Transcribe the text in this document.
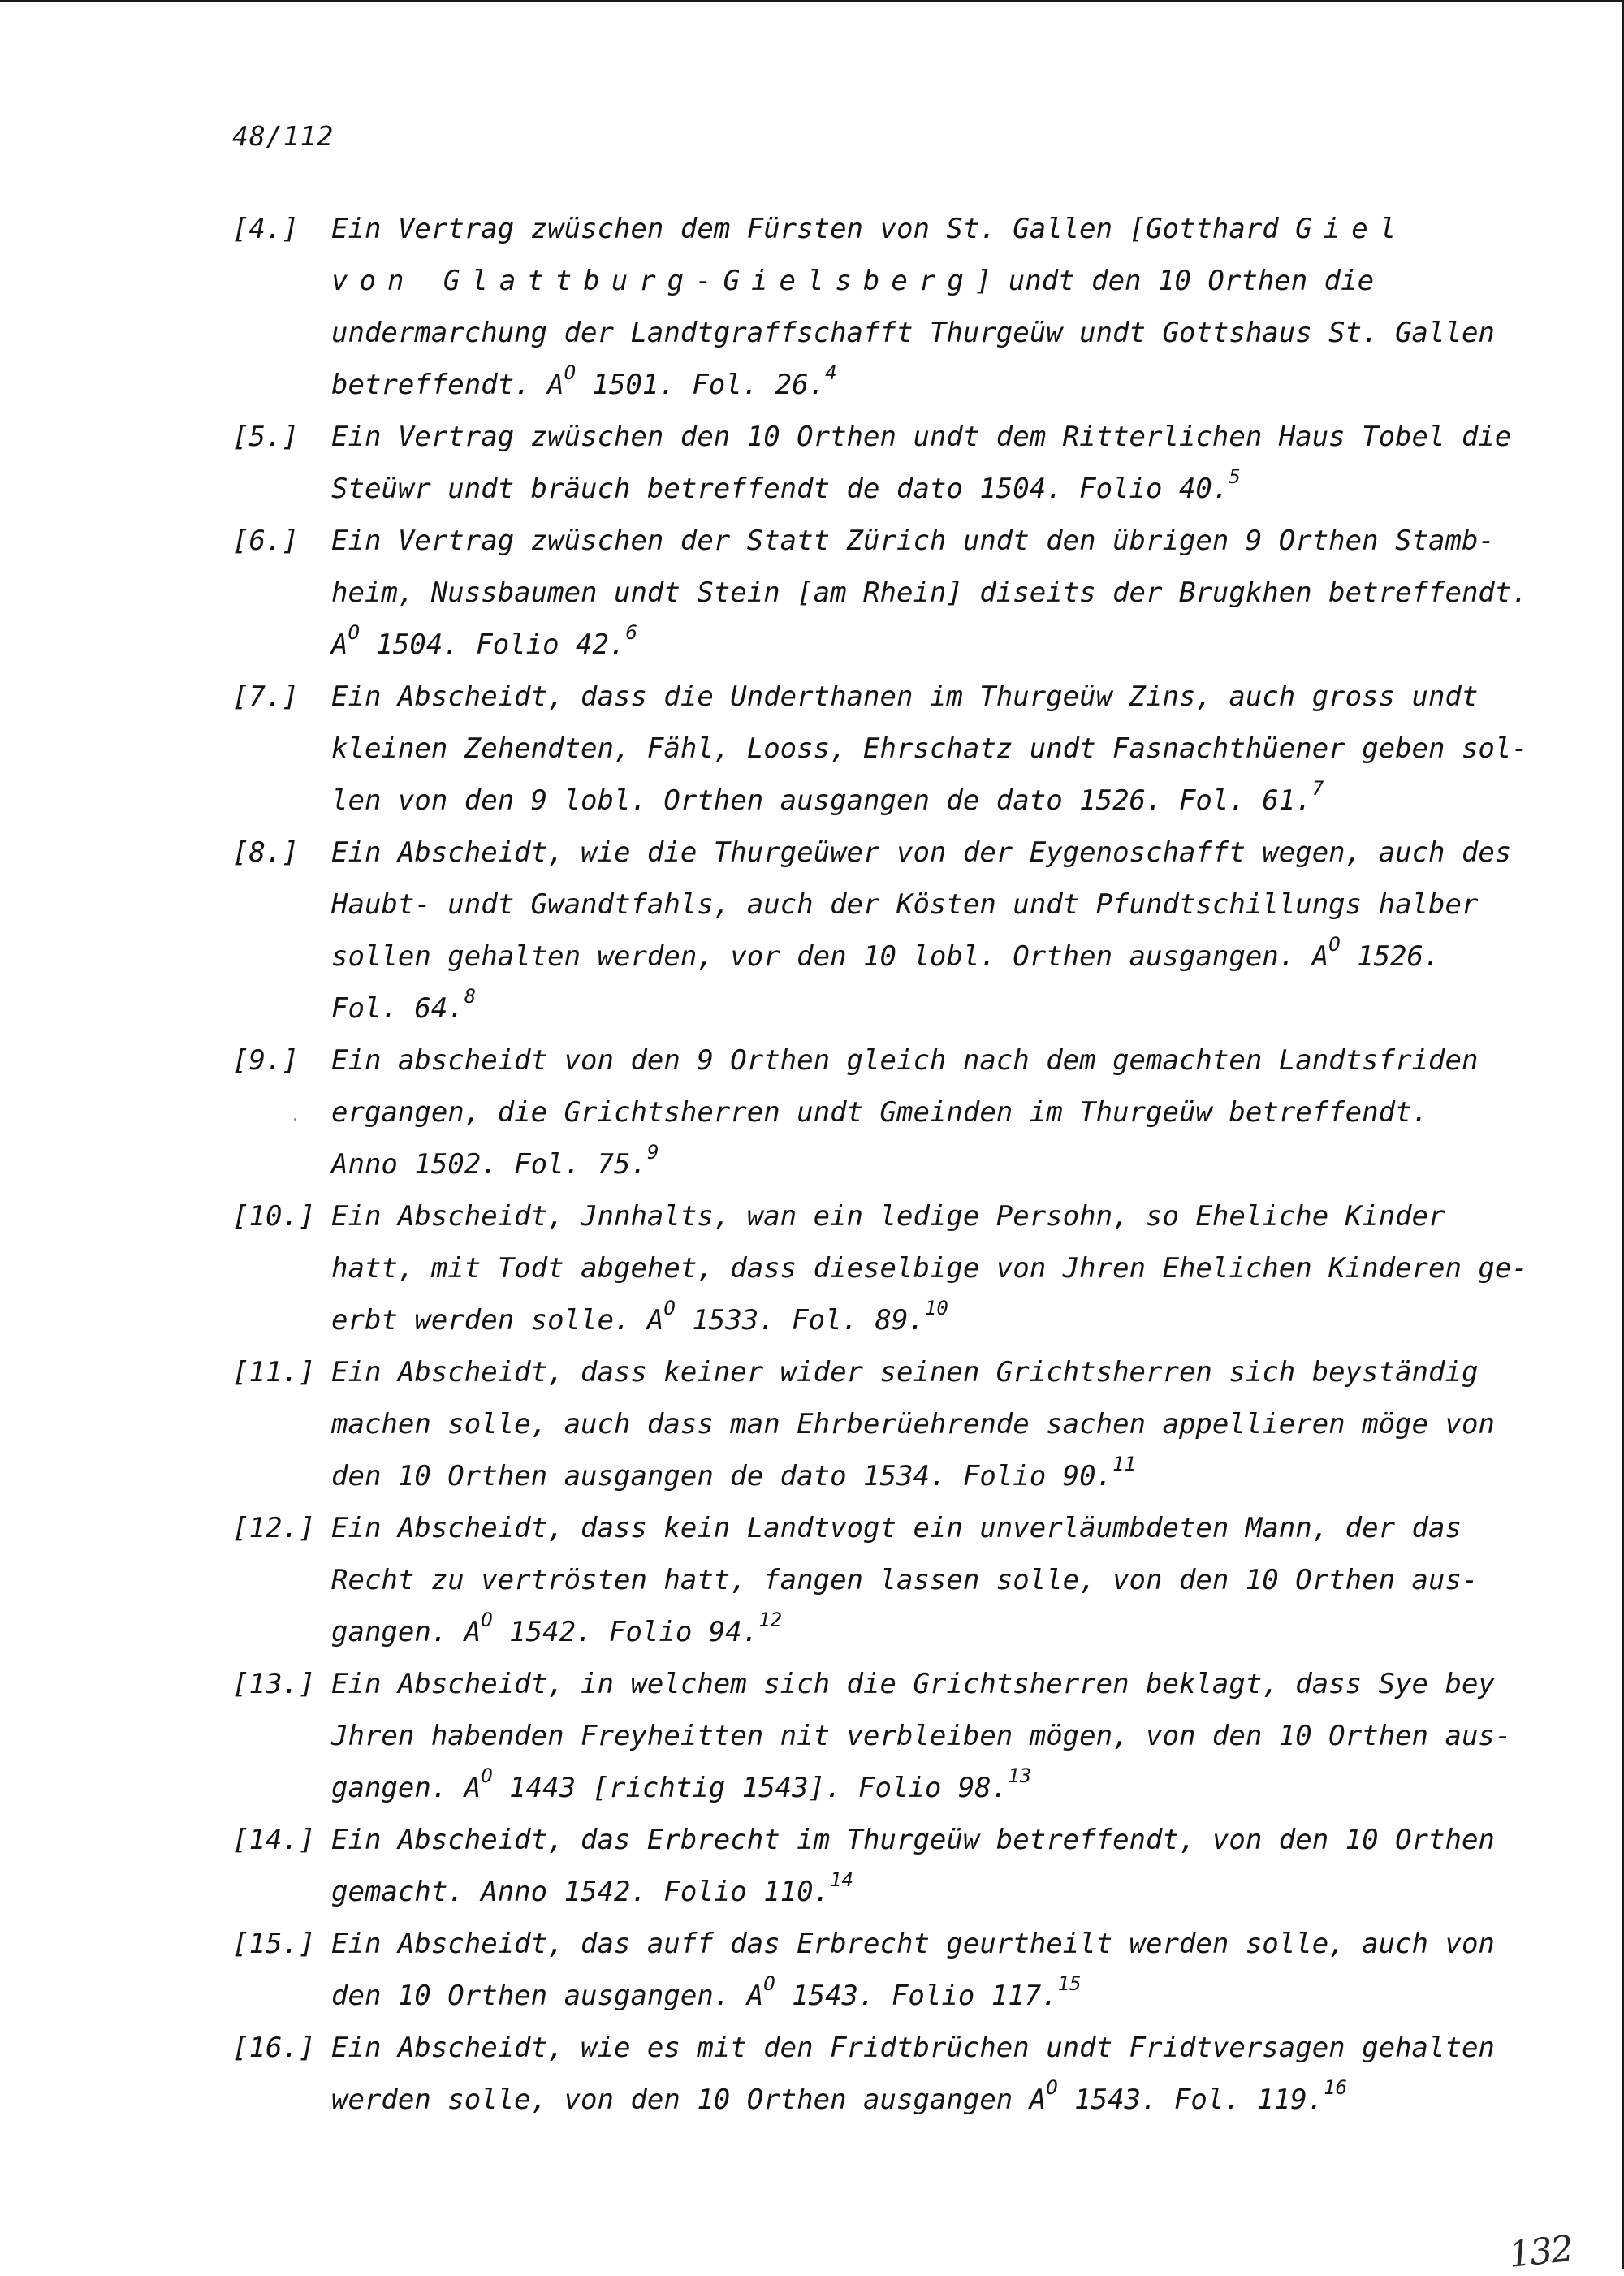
48/112
[4.]	Ein Vertrag zwüschen dem Fürsten von St. Gallen [Gotthard Giel
von Glattburg-Gielsberg] undt den 10 Orthen die
undermarchung der Landtgraffschafft Thurgeüw undt Gottshaus St. Gallen
betreffendt. $A^O$ 1501. Fol. 26.$^4$
[5.]	Ein Vertrag zwüschen den 10 Orthen undt dem Ritterlichen Haus Tobel die
Steüwr undt bräuch betreffendt de dato 1504. Folio 40.$^5$
[6.]	Ein Vertrag zwüschen der Statt Zürich undt den übrigen 9 Orthen Stamb-
heim, Nussbaumen undt Stein [am Rhein] diseits der Brugkhen betreffendt.
$A^O$ 1504. Folio 42.$^6$
[7.]	Ein Abscheidt, dass die Underthanen im Thurgeüw Zins, auch gross undt
kleinen Zehendten, Fähl, Looss, Ehrschatz undt Fasnachthüener geben sol-
len von den 9 lobl. Orthen ausgangen de dato 1526. Fol. 61.$^7$
[8.]	Ein Abscheidt, wie die Thurgeüwer von der Eygenoschafft wegen, auch des
Haubt- undt Gwandtfahls, auch der Kösten undt Pfundtschillungs halber
sollen gehalten werden, vor den 10 lobl. Orthen ausgangen. $A^O$ 1526.
Fol. 64.$^8$
[9.]	Ein abscheidt von den 9 Orthen gleich nach dem gemachten Landtsfriden
ergangen, die Grichtsherren undt Gmeinden im Thurgeüw betreffendt.
Anno 1502. Fol. 75.$^9$
[10.] Ein Abscheidt, Jnnhalts, wan ein ledige Persohn, so Eheliche Kinder
hatt, mit Todt abgehet, dass dieselbige von Jhren Ehelichen Kinderen ge-
erbt werden solle. $A^O$ 1533. Fol. 89.10
[11.] Ein Abscheidt, dass keiner wider seinen Grichtsherren sich beyständig
machen solle, auch dass man Ehrberüehrende sachen appellieren möge von
den 10 Orthen ausgangen de dato 1534. Folio 90.11
[12.] Ein Abscheidt, dass kein Landtvogt ein unverläumbdeten Mann, der das
Recht zu vertrösten hatt, fangen lassen solle, von den 10 Orthen aus-
gangen. $A^O$ 1542. Folio 94.12
[13.] Ein Abscheidt, in welchem sich die Grichtsherren beklagt, dass Sye bey
Jhren habenden Freyheitten nit verbleiben mögen, von den 10 Orthen aus-
gangen. $A^O$ 1443 [richtig 1543]. Folio 98.13
[14.] Ein Abscheidt, das Erbrecht im Thurgeüw betreffendt, von den 10 Orthen
gemacht. Anno 1542. Folio 110.14
[15.] Ein Abscheidt, das auff das Erbrecht geurtheilt werden solle, auch von
den 10 Orthen ausgangen. $A^O$ 1543. Folio 117.15
[16.] Ein Abscheidt, wie es mit den Fridtbrüchen undt Fridtversagen gehalten
werden solle, von den 10 Orthen ausgangen $A^O$ 1543. Fol. 119.16
132
